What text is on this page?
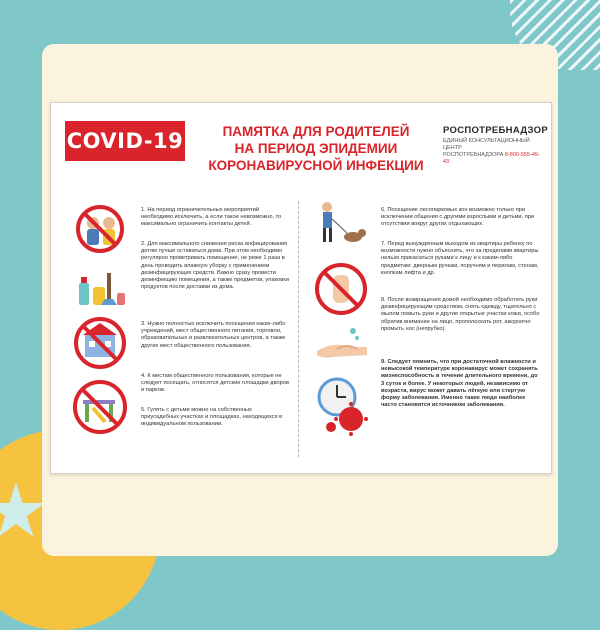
COVID-19	ПАМЯТКА ДЛЯ РОДИТЕЛЕЙ
НА ПЕРИОД ЭПИДЕМИИ
КОРОНАВИРУСНОЙ ИНФЕКЦИИ
РОСПОТРЕБНАДЗОР
ЕДИНЫЙ КОНСУЛЬТАЦИОННЫЙ ЦЕНТР
РОСПОТРЕБНАДЗОРА 8-800-555-49-43

1. На период ограничительных мероприятий необходимо исключить, а если такое невозможно, то максимально ограничить контакты детей.

2. Для максимального снижения риска инфицирования детям лучше оставаться дома. При этом необходимо регулярно проветривать помещение, не реже 1 раза в день проводить влажную уборку с применением дезинфицирующих средств. Важно сразу провести дезинфекцию помещения, а также предметов, упаковки продуктов после доставки из дома.

3. Нужно полностью исключить посещения каких-либо учреждений, мест общественного питания, торговли, образовательных и развлекательных центров, а также других мест общественного пользования.

4. К местам общественного пользования, которые не следует посещать, относятся детские площадки дворов и парков.

5. Гулять с детьми можно на собственных приусадебных участках и площадках, находящихся в индивидуальном пользовании.

6. Посещение лесопарковых зон возможно только при исключении общения с другими взрослыми и детьми, при отсутствии вокруг других отдыхающих.

7. Перед вынужденным выходом из квартиры ребенку по возможности нужно объяснить, что за пределами квартиры нельзя прикасаться руками к лицу и к каким-либо предметам: дверным ручкам, поручням и перилам, стенам, кнопкам лифта и др.

8. После возвращения домой необходимо обработать руки дезинфицирующим средством, снять одежду, тщательно с мылом помыть руки и другие открытые участки кожи, особо обратив внимание на лицо, прополоскать рот, аккуратно промыть нос (непрубко).

9. Следует помнить, что при достаточной влажности и невысокой температуре коронавирус может сохранять жизнеспособность в течение длительного времени, до 3 суток и более. У некоторых людей, независимо от возраста, вирус может давать лёгкую или стертую форму заболевания. Именно такие люди наиболее часто становятся источником заболевания.
